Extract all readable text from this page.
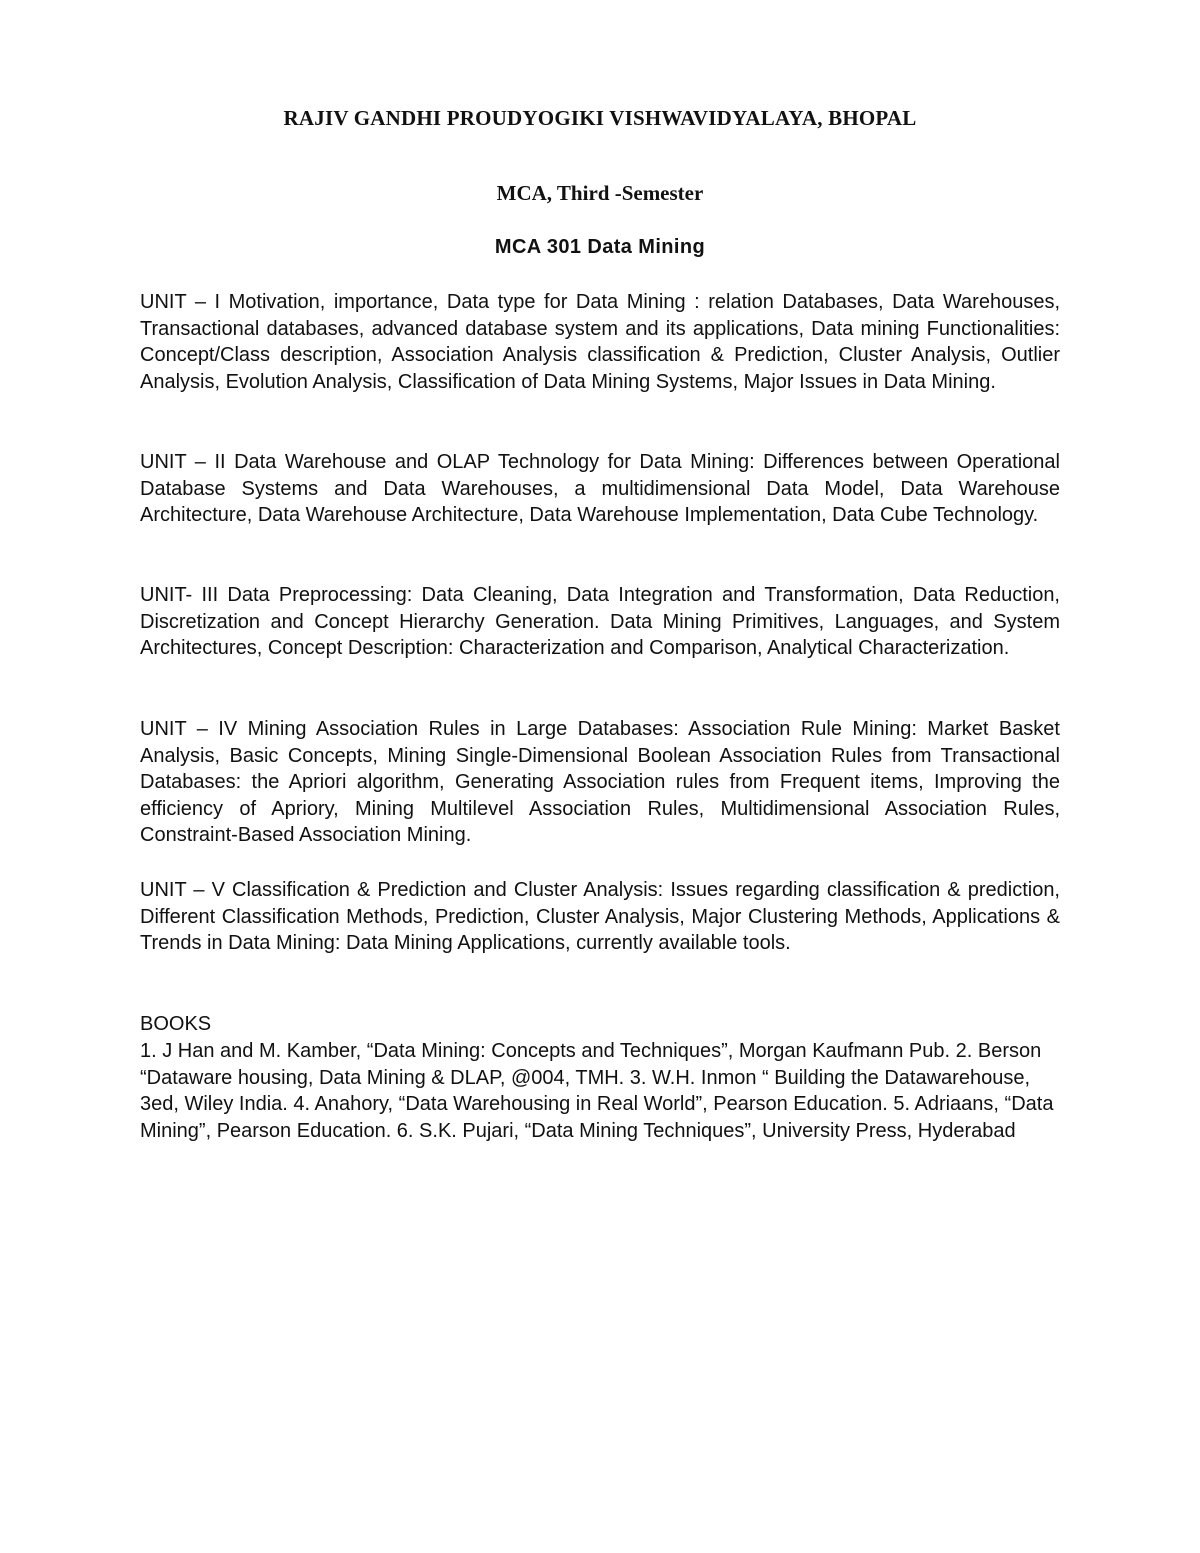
RAJIV GANDHI PROUDYOGIKI VISHWAVIDYALAYA, BHOPAL

MCA, Third -Semester

MCA 301 Data Mining

UNIT – I Motivation, importance, Data type for Data Mining : relation Databases, Data Warehouses, Transactional databases, advanced database system and its applications, Data mining Functionalities: Concept/Class description, Association Analysis classification & Prediction, Cluster Analysis, Outlier Analysis, Evolution Analysis, Classification of Data Mining Systems, Major Issues in Data Mining.

UNIT – II Data Warehouse and OLAP Technology for Data Mining: Differences between Operational Database Systems and Data Warehouses, a multidimensional Data Model, Data Warehouse Architecture, Data Warehouse Architecture, Data Warehouse Implementation, Data Cube Technology.

UNIT- III Data Preprocessing: Data Cleaning, Data Integration and Transformation, Data Reduction, Discretization and Concept Hierarchy Generation. Data Mining Primitives, Languages, and System Architectures, Concept Description: Characterization and Comparison, Analytical Characterization.

UNIT – IV Mining Association Rules in Large Databases: Association Rule Mining: Market Basket Analysis, Basic Concepts, Mining Single-Dimensional Boolean Association Rules from Transactional Databases: the Apriori algorithm, Generating Association rules from Frequent items, Improving the efficiency of Apriory, Mining Multilevel Association Rules, Multidimensional Association Rules, Constraint-Based Association Mining.

UNIT – V Classification & Prediction and Cluster Analysis: Issues regarding classification & prediction, Different Classification Methods, Prediction, Cluster Analysis, Major Clustering Methods, Applications & Trends in Data Mining: Data Mining Applications, currently available tools.

BOOKS

1. J Han and M. Kamber, “Data Mining: Concepts and Techniques”, Morgan Kaufmann Pub. 2. Berson “Dataware housing, Data Mining & DLAP, @004, TMH. 3. W.H. Inmon “ Building the Datawarehouse, 3ed, Wiley India. 4. Anahory, “Data Warehousing in Real World”, Pearson Education. 5. Adriaans, “Data Mining”, Pearson Education. 6. S.K. Pujari, “Data Mining Techniques”, University Press, Hyderabad
